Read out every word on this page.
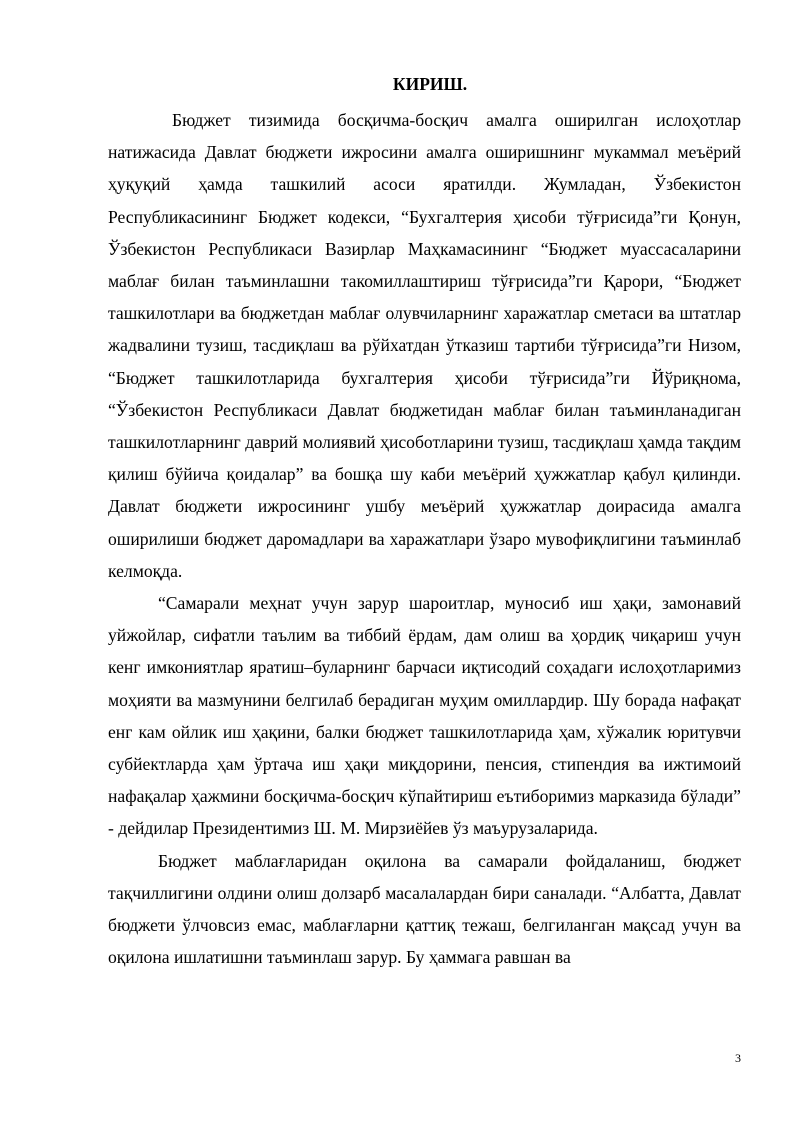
КИРИШ.

Бюджет тизимида босқичма-босқич амалга оширилган ислоҳотлар натижасида Давлат бюджети ижросини амалга оширишнинг мукаммал меъёрий ҳуқуқий ҳамда ташкилий асоси яратилди. Жумладан, Ўзбекистон Республикасининг Бюджет кодекси, “Бухгалтерия ҳисоби тўғрисида”ги Қонун, Ўзбекистон Республикаси Вазирлар Маҳкамасининг “Бюджет муассасаларини маблағ билан таъминлашни такомиллаштириш тўғрисида”ги Қарори, “Бюджет ташкилотлари ва бюджетдан маблағ олувчиларнинг харажатлар сметаси ва штатлар жадвалини тузиш, тасдиқлаш ва рўйхатдан ўтказиш тартиби тўғрисида”ги Низом, “Бюджет ташкилотларида бухгалтерия ҳисоби тўғрисида”ги Йўриқнома, “Ўзбекистон Республикаси Давлат бюджетидан маблағ билан таъминланадиган ташкилотларнинг даврий молиявий ҳисоботларини тузиш, тасдиқлаш ҳамда тақдим қилиш бўйича қоидалар” ва бошқа шу каби меъёрий ҳужжатлар қабул қилинди. Давлат бюджети ижросининг ушбу меъёрий ҳужжатлар доирасида амалга оширилиши бюджет даромадлари ва харажатлари ўзаро мувофиқлигини таъминлаб келмоқда.

“Самарали меҳнат учун зарур шароитлар, муносиб иш ҳақи, замонавий уйжойлар, сифатли таълим ва тиббий ёрдам, дам олиш ва ҳордиқ чиқариш учун кенг имкониятлар яратиш–буларнинг барчаси иқтисодий соҳадаги ислоҳотларимиз моҳияти ва мазмунини белгилаб берадиган муҳим омиллардир. Шу борада нафақат енг кам ойлик иш ҳақини, балки бюджет ташкилотларида ҳам, хўжалик юритувчи субйектларда ҳам ўртача иш ҳақи миқдорини, пенсия, стипендия ва ижтимоий нафақалар ҳажмини босқичма-босқич кўпайтириш еътиборимиз марказида бўлади” - дейдилар Президентимиз Ш. М. Мирзиёйев ўз маъурузаларида.

Бюджет маблағларидан оқилона ва самарали фойдаланиш, бюджет тақчиллигини олдини олиш долзарб масалалардан бири саналади. “Албатта, Давлат бюджети ўлчовсиз емас, маблағларни қаттиқ тежаш, белгиланган мақсад учун ва оқилона ишлатишни таъминлаш зарур. Бу ҳаммага равшан ва

3
